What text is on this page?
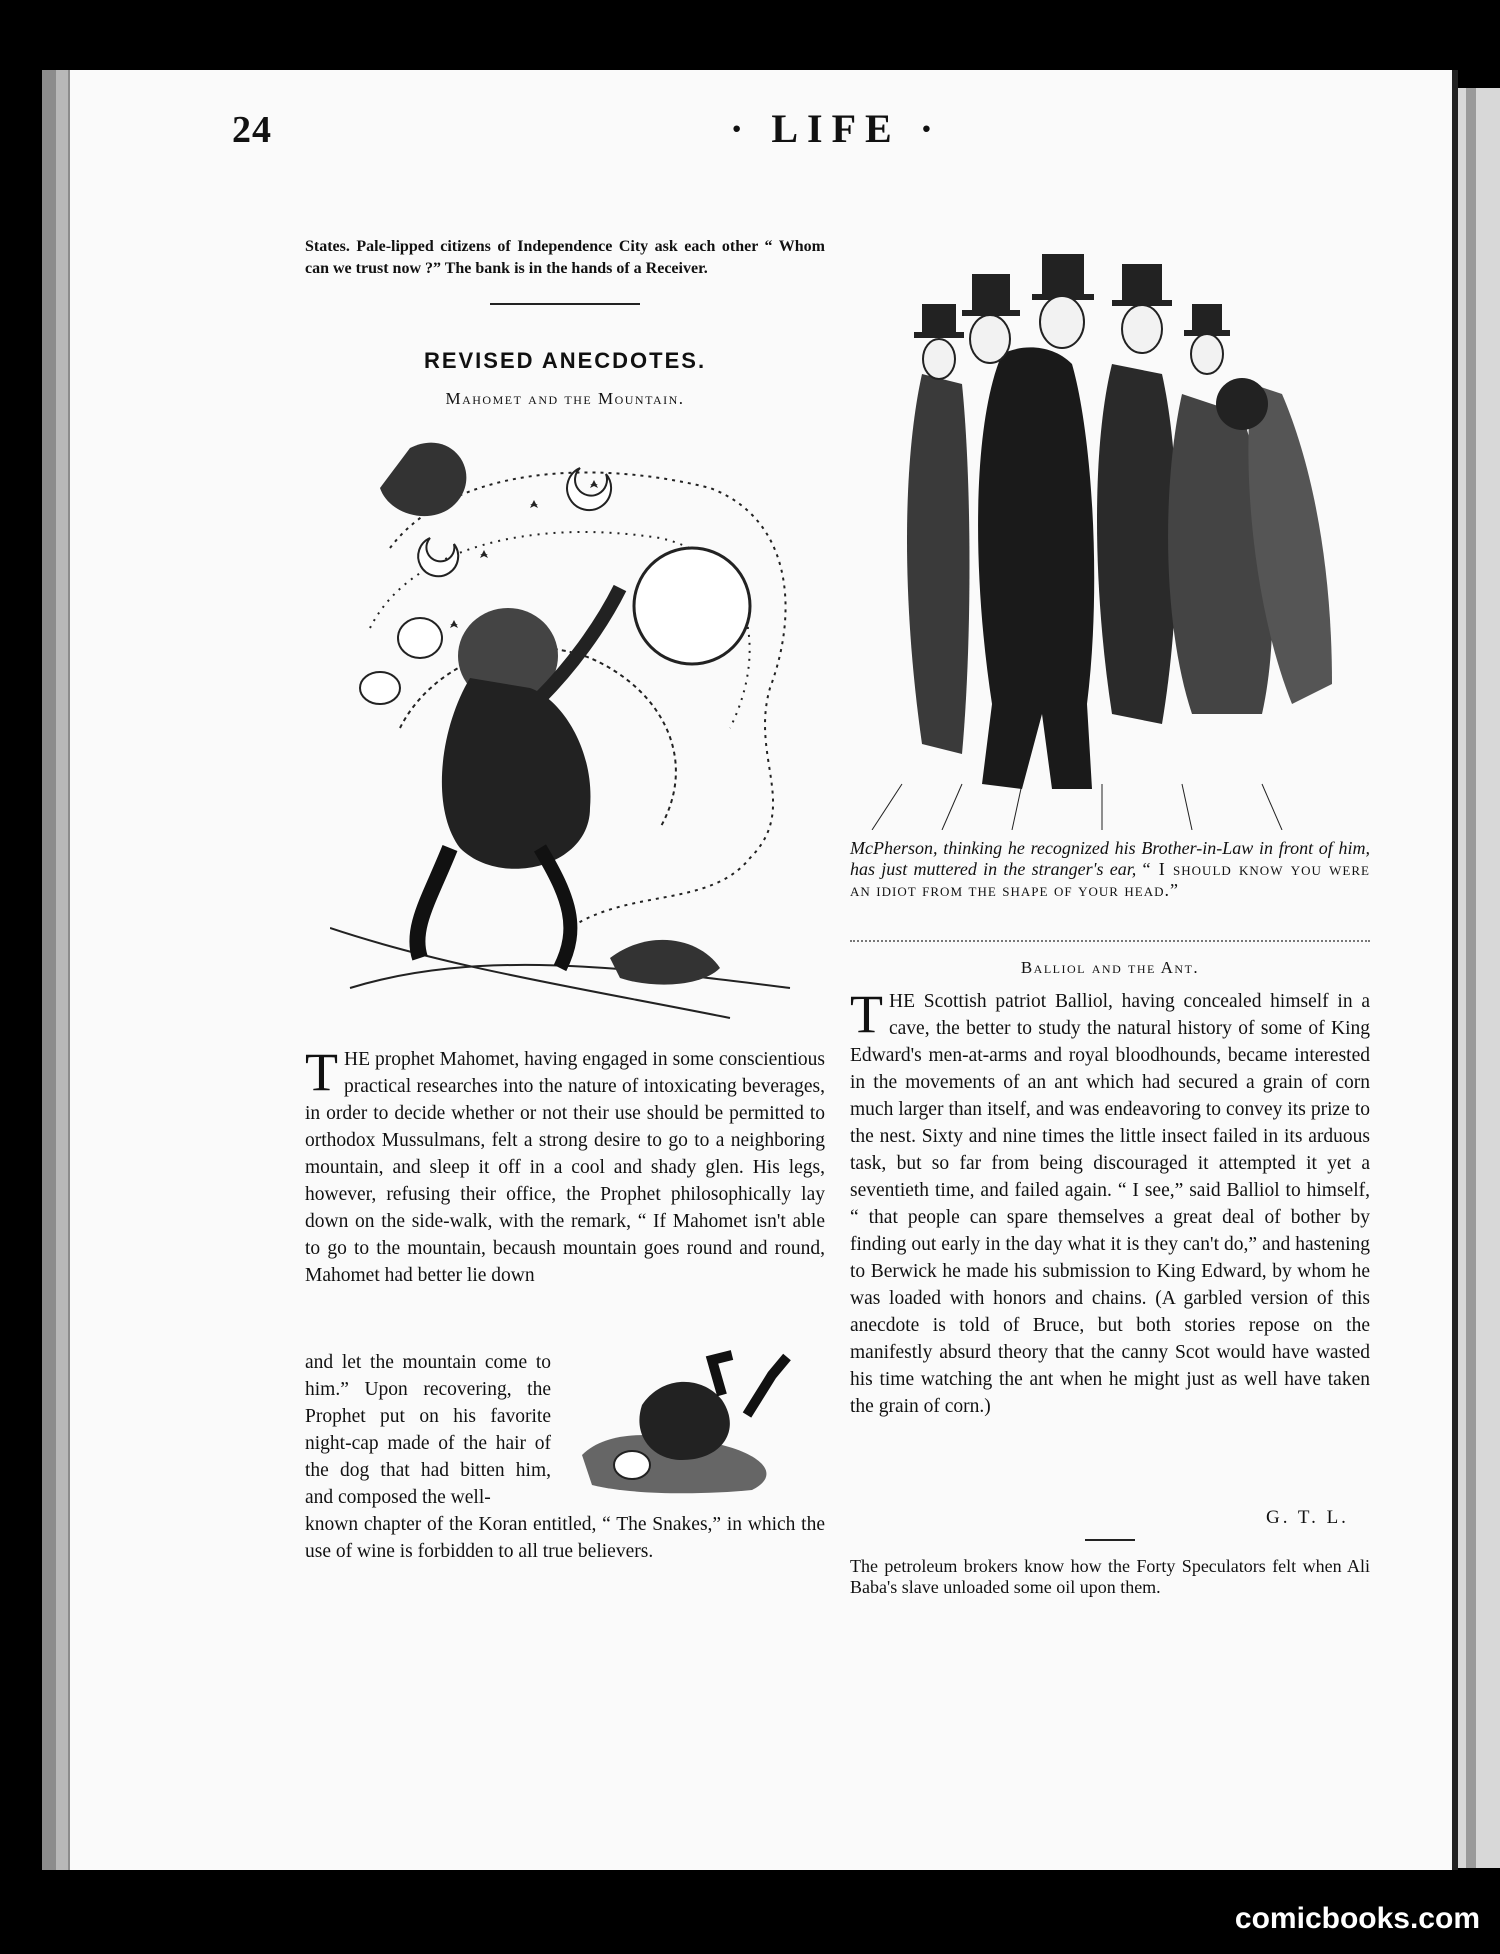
24	· LIFE ·

States. Pale-lipped citizens of Independence City ask each other “ Whom can we trust now ?” The bank is in the hands of a Receiver.

REVISED ANECDOTES.
Mahomet and the Mountain.
T HE prophet Mahomet, having engaged in some conscientious practical researches into the nature of intoxicating beverages, in order to decide whether or not their use should be permitted to orthodox Mussulmans, felt a strong desire to go to a neighboring mountain, and sleep it off in a cool and shady glen. His legs, however, refusing their office, the Prophet philosophically lay down on the side-walk, with the remark, “ If Mahomet isn't able to go to the mountain, becaush mountain goes round and round, Mahomet had better lie down

and let the mountain come to him.” Upon recovering, the Prophet put on his favorite night-cap made of the hair of the dog that had bitten him, and composed the well-

known chapter of the Koran entitled, “ The Snakes,” in which the use of wine is forbidden to all true believers.

McPherson, thinking he recognized his Brother-in-Law in front of him, has just muttered in the stranger's ear, “ I should know you were an idiot from the shape of your head.”
Balliol and the Ant.
T HE Scottish patriot Balliol, having concealed himself in a cave, the better to study the natural history of some of King Edward's men-at-arms and royal bloodhounds, became interested in the movements of an ant which had secured a grain of corn much larger than itself, and was endeavoring to convey its prize to the nest. Sixty and nine times the little insect failed in its arduous task, but so far from being discouraged it attempted it yet a seventieth time, and failed again. “ I see,” said Balliol to himself, “ that people can spare themselves a great deal of bother by finding out early in the day what it is they can't do,” and hastening to Berwick he made his submission to King Edward, by whom he was loaded with honors and chains. (A garbled version of this anecdote is told of Bruce, but both stories repose on the manifestly absurd theory that the canny Scot would have wasted his time watching the ant when he might just as well have taken the grain of corn.)

G. T. L.

The petroleum brokers know how the Forty Speculators felt when Ali Baba's slave unloaded some oil upon them.

comicbooks.com
